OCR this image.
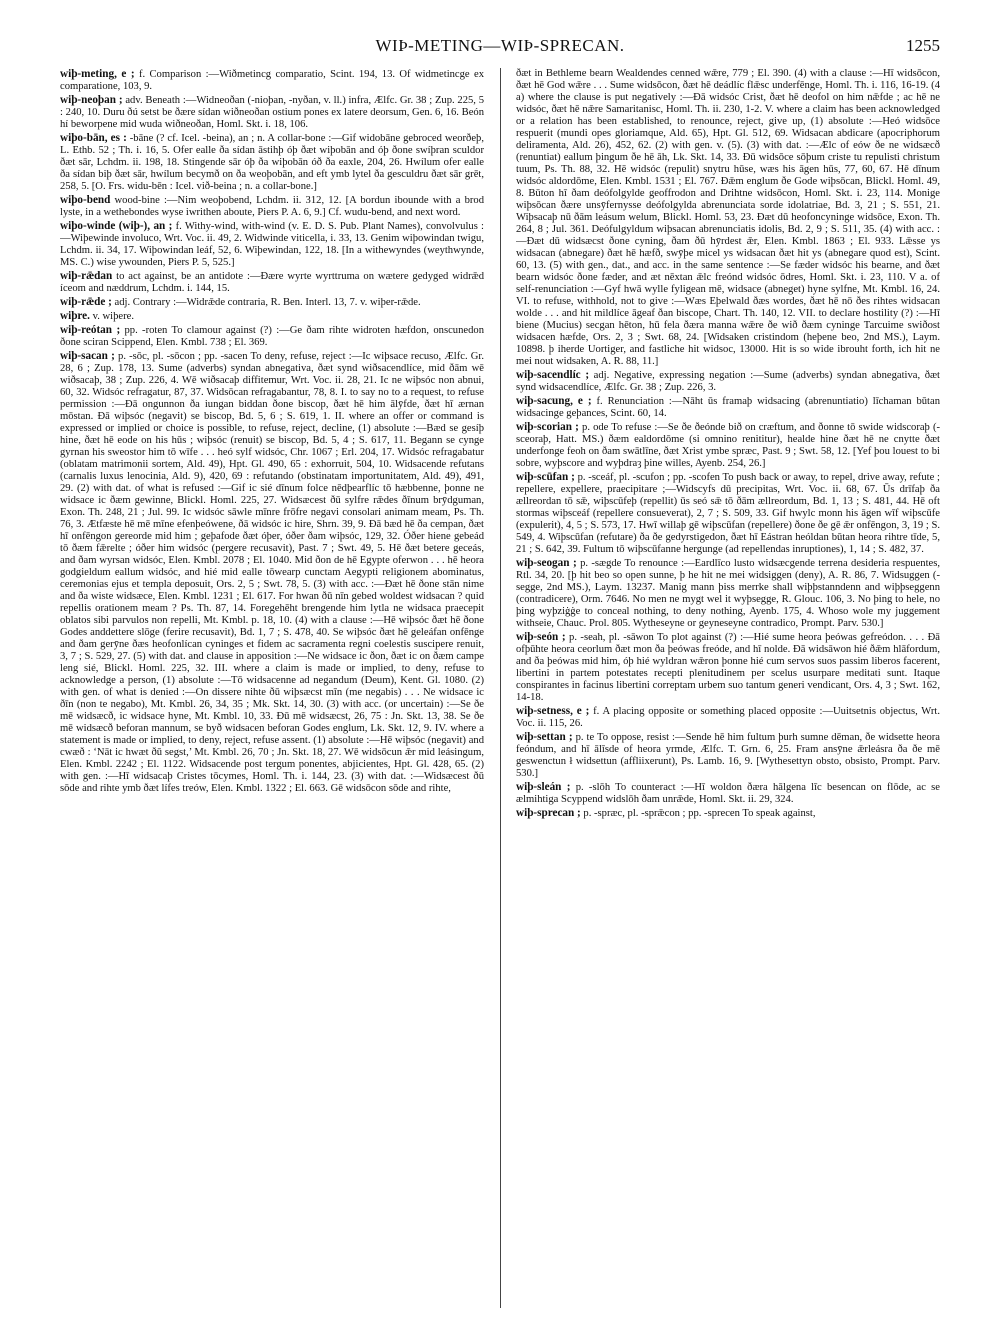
WIÞ-METING—WIÞ-SPRECAN.	1255

wiþ-meting, e ; f. Comparison :—Wiðmetincg comparatio, Scint. 194, 13. Of widmetincge ex comparatione, 103, 9.

wiþ-neoþan ; adv. Beneath :—Widneoðan (-nioþan, -nyðan, v. ll.) infra, Ælfc. Gr. 38 ; Zup. 225, 5 : 240, 10. Duru ðú setst be ðære sídan wiðneoðan ostium pones ex latere deorsum, Gen. 6, 16. Beón hí beworpene mid wuda wiðneoðan, Homl. Skt. i. 18, 106.

wiþo-bān, es : -bāne (? cf. Icel. -beina), an ; n. A collar-bone :—Gif widobāne gebroced weorðeþ, L. Ethb. 52 ; Th. i. 16, 5. Ofer ealle ða sídan āstihþ óþ ðæt wiþobān and óþ ðone swíþran sculdor ðæt sār, Lchdm. ii. 198, 18. Stingende sār óþ ða wiþobān óð ða eaxle, 204, 26. Hwílum ofer ealle ða sídan biþ ðæt sār, hwílum becymð on ða weoþobān, and eft ymb lytel ða gesculdru ðæt sār grēt, 258, 5. [O. Frs. widu-bēn : Icel. við-beina ; n. a collar-bone.]

wiþo-bend wood-bine :—Nim weoþobend, Lchdm. ii. 312, 12. [A bordun ibounde with a brod lyste, in a wethebondes wyse iwrithen aboute, Piers P. A. 6, 9.] Cf. wudu-bend, and next word.

wiþo-winde (wiþ-), an ; f. Withy-wind, with-wind (v. E. D. S. Pub. Plant Names), convolvulus :—Wiþewinde involuco, Wrt. Voc. ii. 49, 2. Widwinde viticella, i. 33, 13. Genim wiþowindan twigu, Lchdm. ii. 34, 17. Wiþowindan leáf, 52, 6. Wiþewindan, 122, 18. [In a withewyndes (weythwynde, MS. C.) wise ywounden, Piers P. 5, 525.]

wiþ-rǣdan to act against, be an antidote :—Ðære wyrte wyrttruma on wætere gedyged widrǣd íceom and næddrum, Lchdm. i. 144, 15.

wiþ-rǣde ; adj. Contrary :—Widrǣde contraria, R. Ben. Interl. 13, 7. v. wiþer-rǣde.

wiþre. v. wiþere.

wiþ-reótan ; pp. -roten To clamour against (?) :—Ge ðam rihte widroten hæfdon, onscunedon ðone sciran Scippend, Elen. Kmbl. 738 ; El. 369.

wiþ-sacan ; p. -sōc, pl. -sōcon ; pp. -sacen To deny, refuse, reject :—Ic wiþsace recuso, Ælfc. Gr. 28, 6 ; Zup. 178, 13. Sume (adverbs) syndan abnegativa, ðæt synd wiðsacendlíce, mid ðām wē wiðsacaþ, 38 ; Zup. 226, 4. Wē wiðsacaþ diffitemur, Wrt. Voc. ii. 28, 21. Ic ne wiþsóc non abnui, 60, 32. Widsóc refragatur, 87, 37. Widsōcan refragabantur, 78, 8. I. to say no to a request, to refuse permission :—Ðā ongunnon ða iungan biddan ðone biscop, ðæt hē him ālȳfde, ðæt hī ærnan mōstan. Ðā wiþsóc (negavit) se biscop, Bd. 5, 6 ; S. 619, 1. II. where an offer or command is expressed or implied or choice is possible, to refuse, reject, decline, (1) absolute :—Bæd se gesíþ hine, ðæt hē eode on his hūs ; wiþsóc (renuit) se biscop, Bd. 5, 4 ; S. 617, 11. Begann se cynge gyrnan his sweostor him tō wīfe . . . heó sylf widsóc, Chr. 1067 ; Erl. 204, 17. Widsóc refragabatur (oblatam matrimonii sortem, Ald. 49), Hpt. Gl. 490, 65 : exhorruit, 504, 10. Widsacende refutans (carnalis luxus lenocinia, Ald. 9), 420, 69 : refutando (obstinatam importunitatem, Ald. 49), 491, 29. (2) with dat. of what is refused :—Gif ic sié dīnum folce nēdþearflíc tō hæbbenne, þonne ne widsace ic ðæm gewinne, Blickl. Homl. 225, 27. Widsæcest ðū sylfre rǣdes ðīnum brȳdguman, Exon. Th. 248, 21 ; Jul. 99. Ic widsóc sāwle mīnre frōfre negavi consolari animam meam, Ps. Th. 76, 3. Ætfæste hē mē mīne efenþeówene, ðā widsóc ic hire, Shrn. 39, 9. Ðā bæd hē ða cempan, ðæt hī onfēngon gereorde mid him ; geþafode ðæt óþer, óðer ðam wiþsóc, 129, 32. Óðer hiene gebeád tō ðæm fǣrelte ; óðer him widsóc (pergere recusavit), Past. 7 ; Swt. 49, 5. Hē ðæt betere geceás, and ðam wyrsan widsóc, Elen. Kmbl. 2078 ; El. 1040. Mid ðon de hē Egypte oferwon . . . hē heora godgieldum eallum widsóc, and hié mid ealle tōwearp cunctam Aegypti religionem abominatus, ceremonias ejus et templa deposuit, Ors. 2, 5 ; Swt. 78, 5. (3) with acc. :—Ðæt hē ðone stān nime and ða wiste widsæce, Elen. Kmbl. 1231 ; El. 617. For hwan ðū nīn gebed woldest widsacan ? quid repellis orationem meam ? Ps. Th. 87, 14. Foregehēht brengende him lytla ne widsaca praecepit oblatos sibi parvulos non repelli, Mt. Kmbl. p. 18, 10. (4) with a clause :—Hē wiþsóc ðæt hē ðone Godes anddettere slōge (ferire recusavit), Bd. 1, 7 ; S. 478, 40. Se wiþsóc ðæt hē geleáfan onfēnge and ðam gerȳne ðæs heofonlícan cyninges et fidem ac sacramenta regni coelestis suscipere renuit, 3, 7 ; S. 529, 27. (5) with dat. and clause in apposition :—Ne widsace ic ðon, ðæt ic on ðæm campe leng sié, Blickl. Homl. 225, 32. III. where a claim is made or implied, to deny, refuse to acknowledge a person, (1) absolute :—Tō widsacenne ad negandum (Deum), Kent. Gl. 1080. (2) with gen. of what is denied :—On dissere nihte ðū wiþsæcst mīn (me negabis) . . . Ne widsace ic ðīn (non te negabo), Mt. Kmbl. 26, 34, 35 ; Mk. Skt. 14, 30. (3) with acc. (or uncertain) :—Se ðe mē widsæcð, ic widsace hyne, Mt. Kmbl. 10, 33. Ðū mē widsæcst, 26, 75 : Jn. Skt. 13, 38. Se ðe mē widsæcð beforan mannum, se byð widsacen beforan Godes englum, Lk. Skt. 12, 9. IV. where a statement is made or implied, to deny, reject, refuse assent. (1) absolute :—Hē wiþsóc (negavit) and cwæð : ‘Nāt ic hwæt ðū segst,’ Mt. Kmbl. 26, 70 ; Jn. Skt. 18, 27. Wē widsōcun ǣr mid leásingum, Elen. Kmbl. 2242 ; El. 1122. Widsacende post tergum ponentes, abjicientes, Hpt. Gl. 428, 65. (2) with gen. :—Hī widsacaþ Cristes tōcymes, Homl. Th. i. 144, 23. (3) with dat. :—Widsæcest ðū sōde and rihte ymb ðæt lífes treów, Elen. Kmbl. 1322 ; El. 663. Gē widsōcon sōde and rihte,

ðæt in Bethleme bearn Wealdendes cenned wǣre, 779 ; El. 390. (4) with a clause :—Hī widsōcon, ðæt hē God wǣre . . . Sume widsōcon, ðæt hē deádlíc flǣsc underfēnge, Homl. Th. i. 116, 16-19. (4 a) where the clause is put negatively :—Ðā widsóc Crist, ðæt hē deofol on him nǣfde ; ac hē ne widsóc, ðæt hē nǣre Samaritanisc, Homl. Th. ii. 230, 1-2. V. where a claim has been acknowledged or a relation has been established, to renounce, reject, give up, (1) absolute :—Heó widsōce respuerit (mundi opes gloriamque, Ald. 65), Hpt. Gl. 512, 69. Widsacan abdicare (apocriphorum deliramenta, Ald. 26), 452, 62. (2) with gen. v. (5). (3) with dat. :—Ælc of eów ðe ne widsæcð (renuntiat) eallum þingum ðe hē āh, Lk. Skt. 14, 33. Ðū widsōce sōþum criste tu repulisti christum tuum, Ps. Th. 88, 32. Hē widsóc (repulit) snytru hūse, wæs his āgen hūs, 77, 60, 67. Hē dīnum widsóc aldordōme, Elen. Kmbl. 1531 ; El. 767. Ðǣm englum ðe Gode wiþsōcan, Blickl. Homl. 49, 8. Būton hī ðam deófolgylde geoffrodon and Drihtne widsōcon, Homl. Skt. i. 23, 114. Monige wiþsōcan ðære unsȳfernysse deófolgylda abrenunciata sorde idolatriae, Bd. 3, 21 ; S. 551, 21. Wiþsacaþ nū ðām leásum welum, Blickl. Homl. 53, 23. Ðæt dū heofoncyninge widsōce, Exon. Th. 264, 8 ; Jul. 361. Deófulgyldum wiþsacan abrenunciatis idolis, Bd. 2, 9 ; S. 511, 35. (4) with acc. :—Ðæt dū widsæcst ðone cyning, ðam ðū hȳrdest ǣr, Elen. Kmbl. 1863 ; El. 933. Lǣsse ys widsacan (abnegare) ðæt hē hæfð, swȳþe micel ys widsacan ðæt hit ys (abnegare quod est), Scint. 60, 13. (5) with gen., dat., and acc. in the same sentence :—Se fæder widsóc his bearne, and ðæt bearn widsóc ðone fæder, and æt nēxtan ǣlc freónd widsóc ōdres, Homl. Skt. i. 23, 110. V a. of self-renunciation :—Gyf hwā wylle fyligean mē, widsace (abneget) hyne sylfne, Mt. Kmbl. 16, 24. VI. to refuse, withhold, not to give :—Wæs Eþelwald ðæs wordes, ðæt hē nō ðes rihtes widsacan wolde . . . and hit mildlíce āgeaf ðan biscope, Chart. Th. 140, 12. VII. to declare hostility (?) :—Hī biene (Mucius) secgan hēton, hū fela ðæra manna wǣre ðe wið ðæm cyninge Tarcuime swiðost widsacen hæfde, Ors. 2, 3 ; Swt. 68, 24. [Widsaken cristindom (heþene beo, 2nd MS.), Laym. 10898. þ iherde Uortiger, and fastliche hit widsoc, 13000. Hit is so wide ibrouht forth, ich hit ne mei nout widsaken, A. R. 88, 11.]

wiþ-sacendlíc ; adj. Negative, expressing negation :—Sume (adverbs) syndan abnegativa, ðæt synd widsacendlíce, Ælfc. Gr. 38 ; Zup. 226, 3.

wiþ-sacung, e ; f. Renunciation :—Nāht ūs framaþ widsacing (abrenuntiatio) līchaman būtan widsacinge geþances, Scint. 60, 14.

wiþ-scorian ; p. ode To refuse :—Se ðe ðeónde bið on cræftum, and ðonne tō swide widscoraþ (-sceoraþ, Hatt. MS.) ðæm ealdordōme (si omnino renititur), healde hine ðæt hē ne cnytte ðæt underfonge feoh on ðam swātlīne, ðæt Xrist ymbe spræc, Past. 9 ; Swt. 58, 12. [Yef þou louest to bi sobre, wyþscore and wyþdraȝ þine willes, Ayenb. 254, 26.]

wiþ-scūfan ; p. -sceáf, pl. -scufon ; pp. -scofen To push back or away, to repel, drive away, refute ; repellere, expellere, praecipitare ;—Widscyfs dū precipitas, Wrt. Voc. ii. 68, 67. Ūs drīfaþ ða ællreordan tō sǣ, wiþscūfeþ (repellit) ūs seó sǣ tō ðām ællreordum, Bd. 1, 13 ; S. 481, 44. Hē oft stormas wiþsceáf (repellere consueverat), 2, 7 ; S. 509, 33. Gif hwylc monn his āgen wīf wiþscūfe (expulerit), 4, 5 ; S. 573, 17. Hwī willaþ gē wiþscūfan (repellere) ðone ðe gē ǣr onfēngon, 3, 19 ; S. 549, 4. Wiþscūfan (refutare) ða ðe gedyrstigedon, ðæt hī Eástran heóldan būtan heora rihtre tīde, 5, 21 ; S. 642, 39. Fultum tō wiþscūfanne hergunge (ad repellendas inruptiones), 1, 14 ; S. 482, 37.

wiþ-seogan ; p. -sægde To renounce :—Eardlīco lusto widsæcgende terrena desideria respuentes, Rtl. 34, 20. [þ hit beo so open sunne, þ he hit ne mei widsiggen (deny), A. R. 86, 7. Widsuggen (-segge, 2nd MS.), Laym. 13237. Manig mann þiss merrke shall wiþþstanndenn and wiþþseggenn (contradicere), Orm. 7646. No men ne mygt wel it wyþsegge, R. Glouc. 106, 3. No þing to hele, no þing wyþziġġe to conceal nothing, to deny nothing, Ayenb. 175, 4. Whoso wole my juggement withseie, Chauc. Prol. 805. Wytheseyne or geyneseyne contradico, Prompt. Parv. 530.]

wiþ-seón ; p. -seah, pl. -sāwon To plot against (?) :—Hié sume heora þeówas gefreódon. . . . Ðā ofþūhte heora ceorlum ðæt mon ða þeówas freóde, and hī nolde. Ðā widsāwon hié ðǣm hlāfordum, and ða þeówas mid him, óþ hié wyldran wǣron þonne hié cum servos suos passim liberos facerent, libertini in partem potestates recepti plenitudinem per scelus usurpare meditati sunt. Itaque conspirantes in facinus libertini correptam urbem suo tantum generi vendicant, Ors. 4, 3 ; Swt. 162, 14-18.

wiþ-setness, e ; f. A placing opposite or something placed opposite :—Uuitsetnis objectus, Wrt. Voc. ii. 115, 26.

wiþ-settan ; p. te To oppose, resist :—Sende hē him fultum þurh sumne dēman, ðe widsette heora feóndum, and hī ālīsde of heora yrmde, Ælfc. T. Grn. 6, 25. Fram ansȳne ǣrleásra ða ðe mē geswenctun ł widsettun (affliixerunt), Ps. Lamb. 16, 9. [Wythesettyn obsto, obsisto, Prompt. Parv. 530.]

wiþ-sleán ; p. -slōh To counteract :—Hī woldon ðæra hālgena līc besencan on flōde, ac se ælmihtiga Scyppend widslōh ðam unrǣde, Homl. Skt. ii. 29, 324.

wiþ-sprecan ; p. -spræc, pl. -sprǣcon ; pp. -sprecen To speak against,
